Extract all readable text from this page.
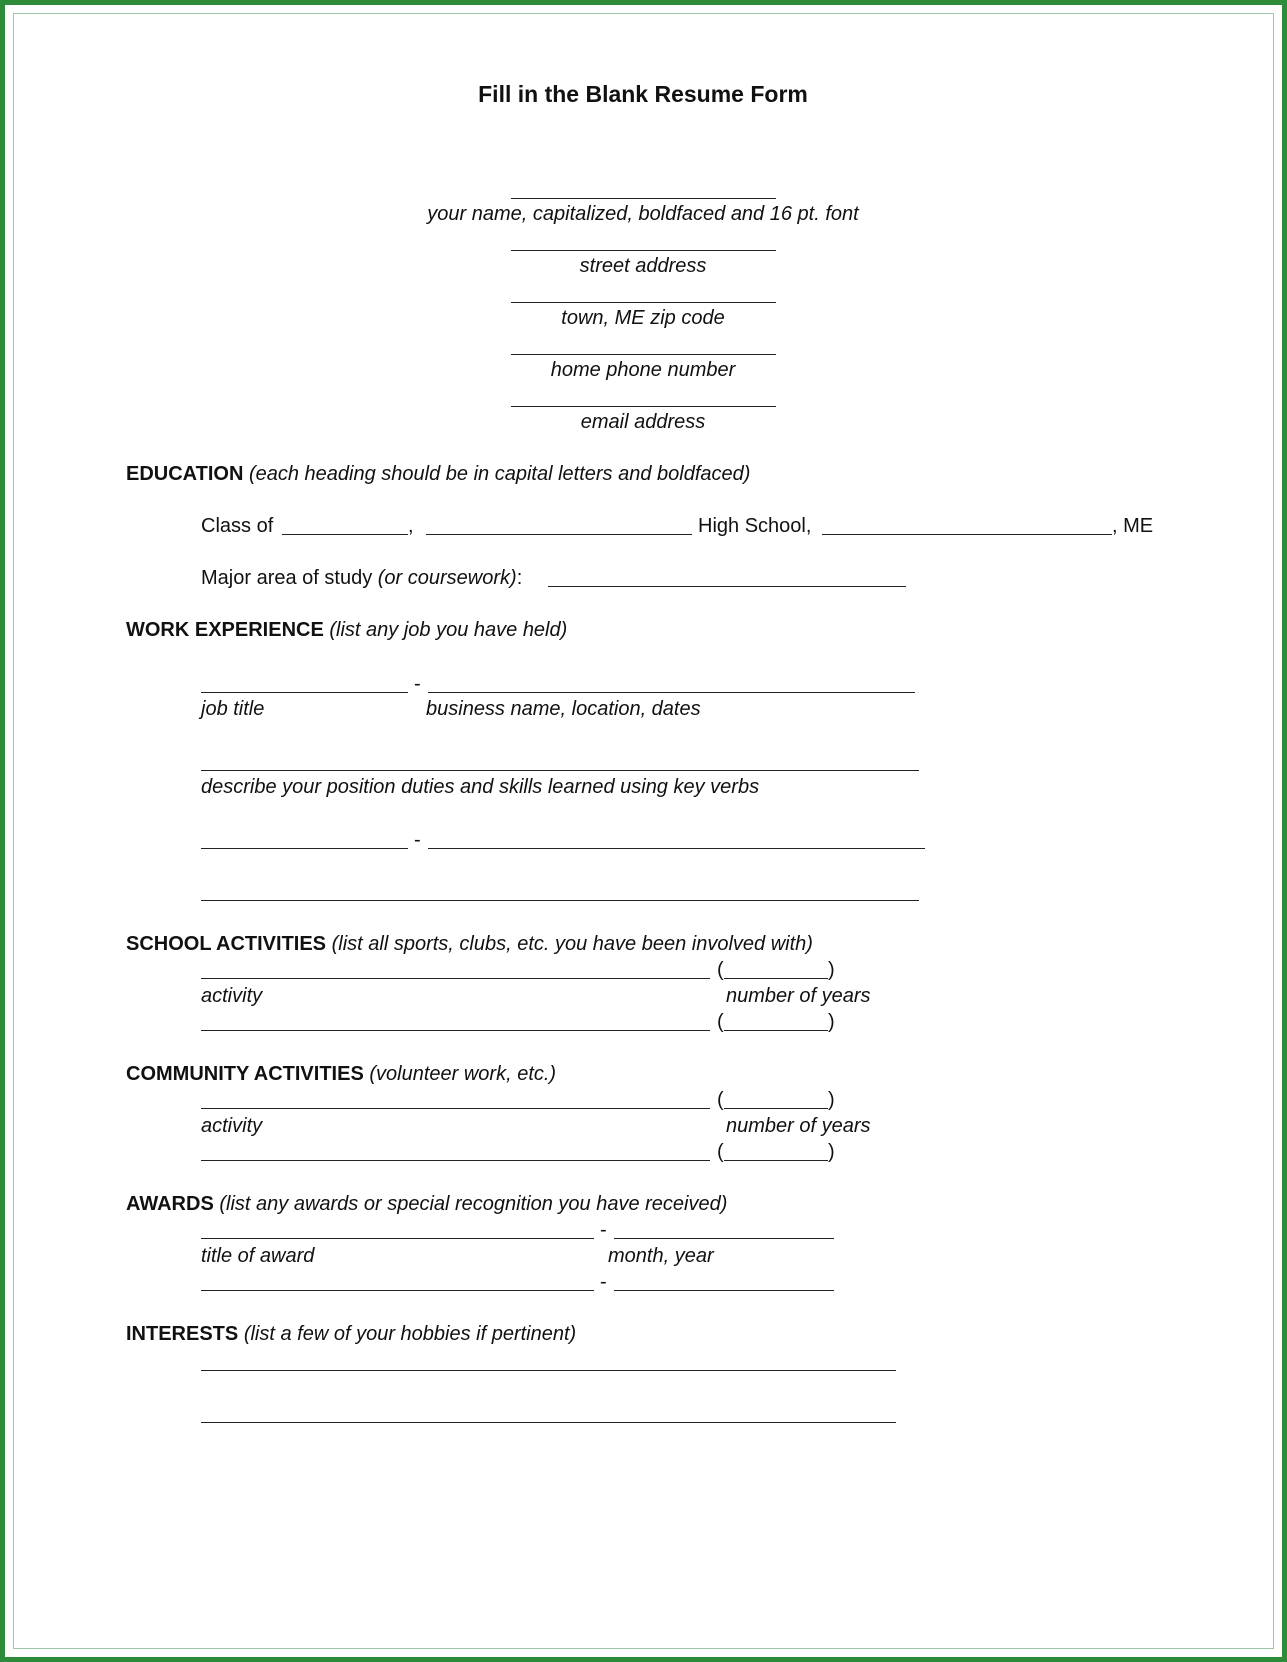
Fill in the Blank Resume Form
your name, capitalized, boldfaced and 16 pt. font
street address
town, ME zip code
home phone number
email address
EDUCATION (each heading should be in capital letters and boldfaced)
Class of	,	High School,	, ME
Major area of study (or coursework):
WORK EXPERIENCE (list any job you have held)
-
job title	business name, location, dates
describe your position duties and skills learned using key verbs
-
SCHOOL ACTIVITIES (list all sports, clubs, etc. you have been involved with)
(	)
activity	number of years
(	)
COMMUNITY ACTIVITIES (volunteer work, etc.)
(	)
activity	number of years
(	)
AWARDS (list any awards or special recognition you have received)
-
title of award	month, year
-
INTERESTS (list a few of your hobbies if pertinent)
